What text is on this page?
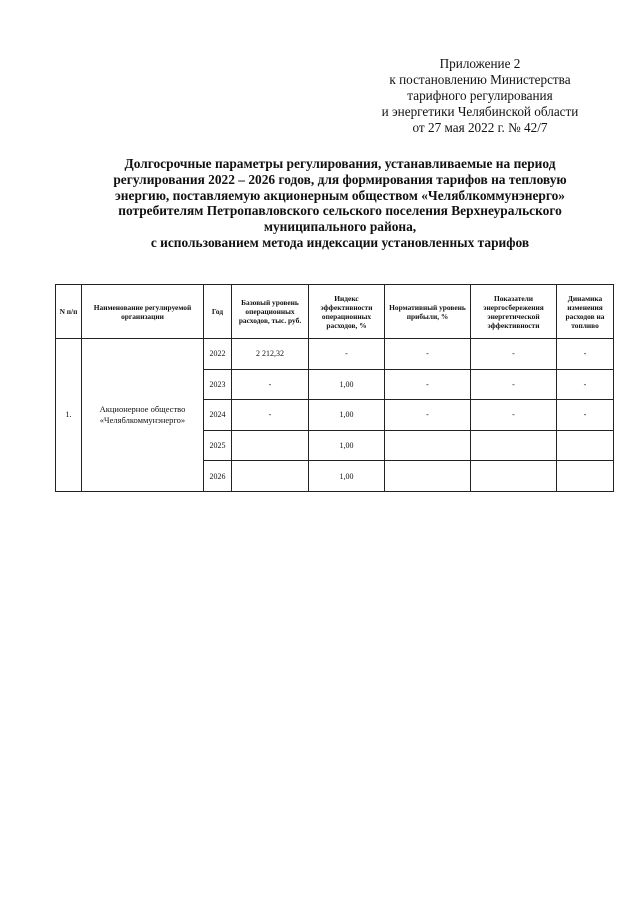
Приложение 2
к постановлению Министерства
тарифного регулирования
и энергетики Челябинской области
от 27 мая 2022 г. № 42/7
Долгосрочные параметры регулирования, устанавливаемые на период
регулирования 2022 – 2026 годов, для формирования тарифов на тепловую
энергию, поставляемую акционерным обществом «Челяблкоммунэнерго»
потребителям Петропавловского сельского поселения Верхнеуральского
муниципального района,
с использованием метода индексации установленных тарифов
N п/п	Наименование регулируемой организации	Год	Базовый уровень операционных расходов, тыс. руб.	Индекс эффективности операционных расходов, %	Нормативный уровень прибыли, %	Показатели энергосбережения энергетической эффективности	Динамика изменения расходов на топливо
1.	Акционерное общество «Челяблкоммунэнерго»	2022	2 212,32	-	-	-	-
		2023	-	1,00	-	-	-
		2024	-	1,00	-	-	-
		2025		1,00			
		2026		1,00			
